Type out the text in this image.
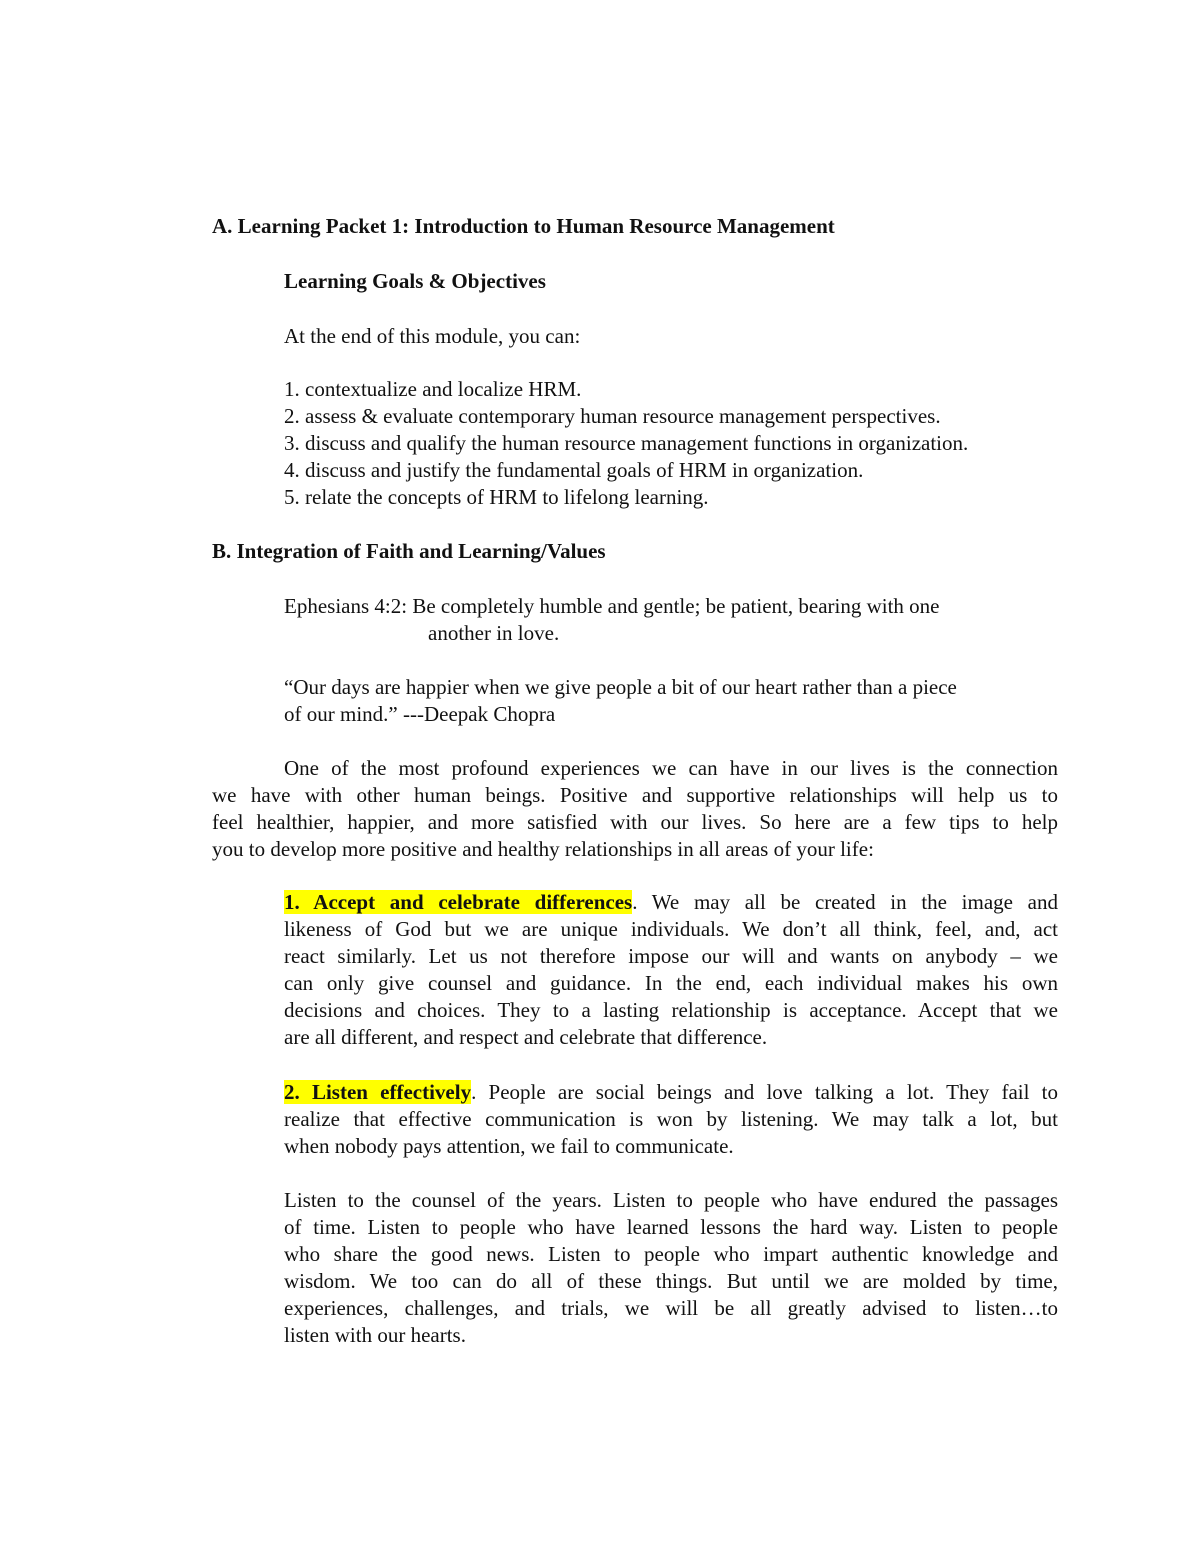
A. Learning Packet 1: Introduction to Human Resource Management
Learning Goals & Objectives
At the end of this module, you can:
1. contextualize and localize HRM.
2. assess & evaluate contemporary human resource management perspectives.
3. discuss and qualify the human resource management functions in organization.
4. discuss and justify the fundamental goals of HRM in organization.
5. relate the concepts of HRM to lifelong learning.
B. Integration of Faith and Learning/Values
Ephesians 4:2: Be completely humble and gentle; be patient, bearing with one
another in love.
“Our days are happier when we give people a bit of our heart rather than a piece
of our mind.” ---Deepak Chopra
One of the most profound experiences we can have in our lives is the connection
we have with other human beings. Positive and supportive relationships will help us to
feel healthier, happier, and more satisfied with our lives. So here are a few tips to help
you to develop more positive and healthy relationships in all areas of your life:
1. Accept and celebrate differences. We may all be created in the image and
likeness of God but we are unique individuals. We don’t all think, feel, and, act
react similarly. Let us not therefore impose our will and wants on anybody – we
can only give counsel and guidance. In the end, each individual makes his own
decisions and choices. They to a lasting relationship is acceptance. Accept that we
are all different, and respect and celebrate that difference.
2. Listen effectively. People are social beings and love talking a lot. They fail to
realize that effective communication is won by listening. We may talk a lot, but
when nobody pays attention, we fail to communicate.
Listen to the counsel of the years. Listen to people who have endured the passages
of time. Listen to people who have learned lessons the hard way. Listen to people
who share the good news. Listen to people who impart authentic knowledge and
wisdom. We too can do all of these things. But until we are molded by time,
experiences, challenges, and trials, we will be all greatly advised to listen…to
listen with our hearts.
